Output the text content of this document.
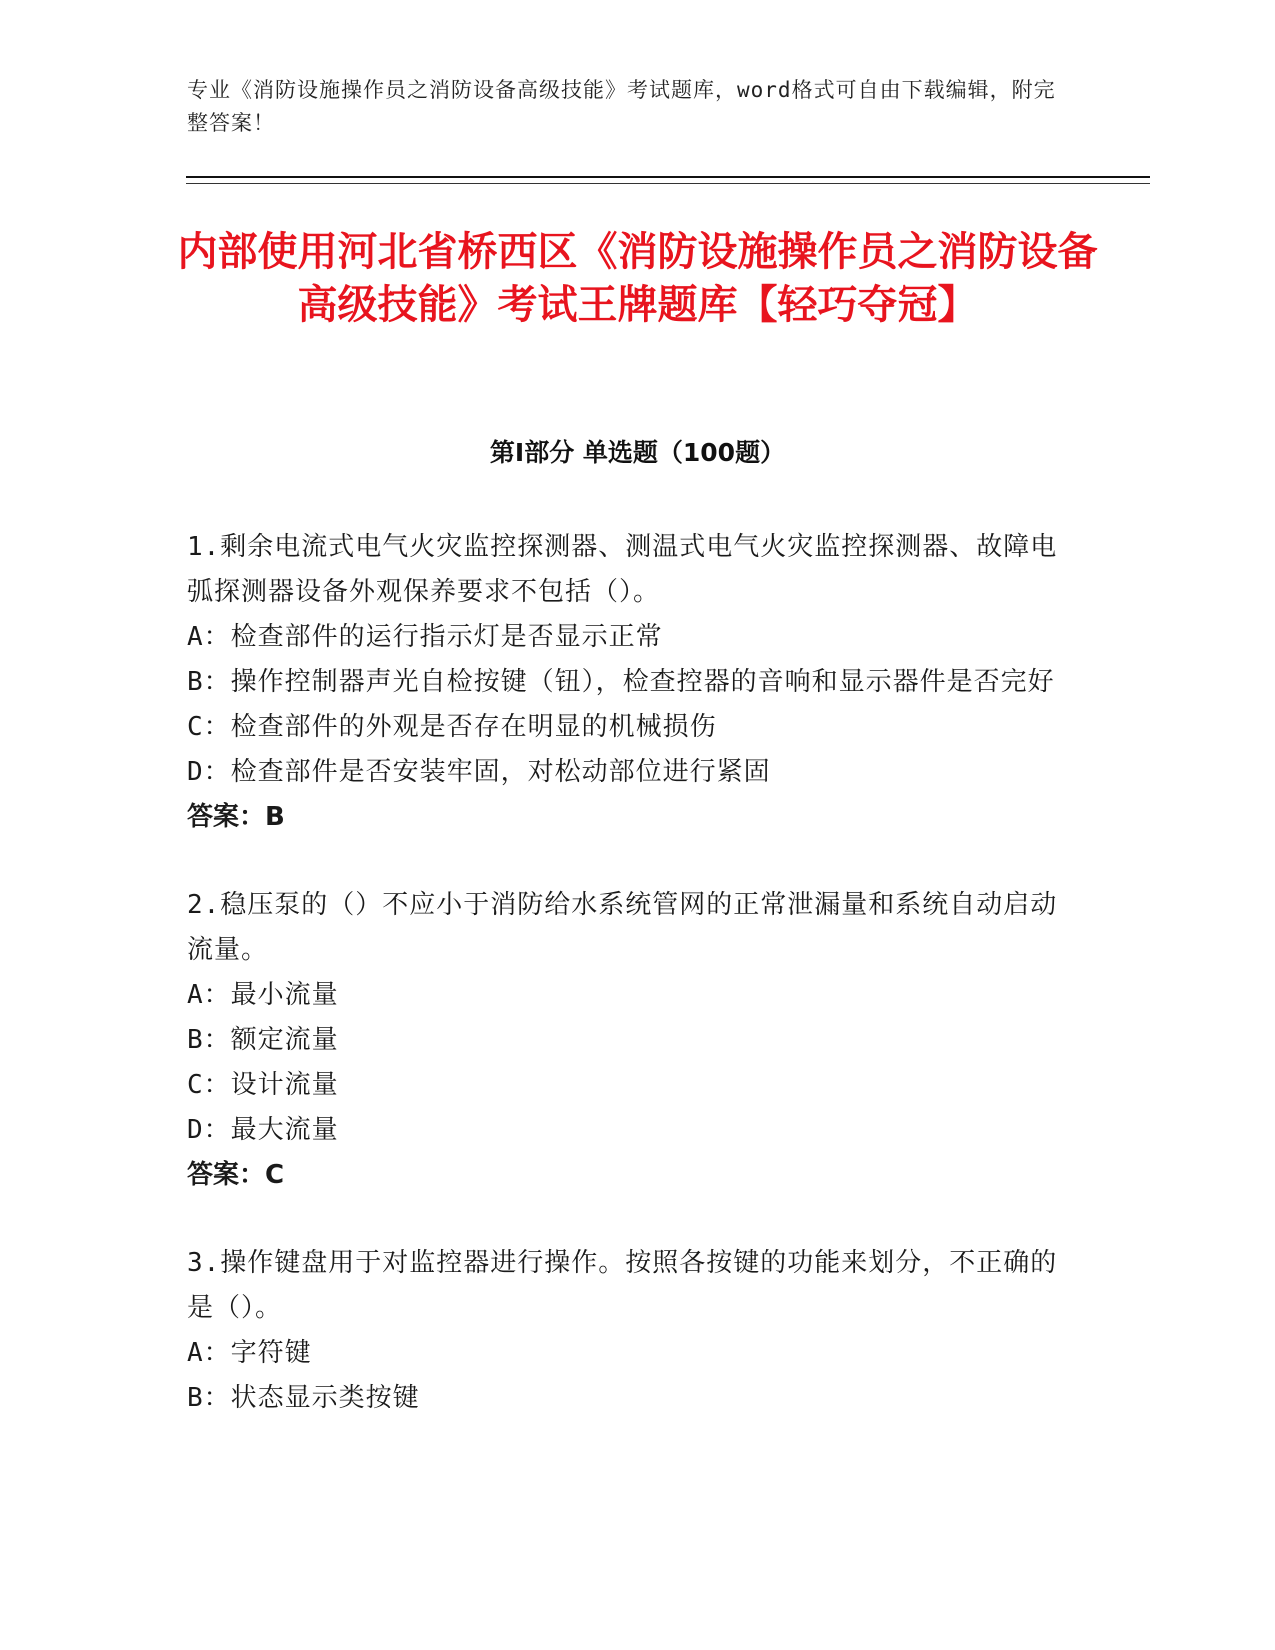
专业《消防设施操作员之消防设备高级技能》考试题库，word格式可自由下载编辑，附完整答案！
内部使用河北省桥西区《消防设施操作员之消防设备高级技能》考试王牌题库【轻巧夺冠】
第I部分 单选题（100题）

1.剩余电流式电气火灾监控探测器、测温式电气火灾监控探测器、故障电弧探测器设备外观保养要求不包括（）。

A：检查部件的运行指示灯是否显示正常

B：操作控制器声光自检按键（钮），检查控器的音响和显示器件是否完好

C：检查部件的外观是否存在明显的机械损伤

D：检查部件是否安装牢固，对松动部位进行紧固

答案：B

2.稳压泵的（）不应小于消防给水系统管网的正常泄漏量和系统自动启动流量。

A：最小流量

B：额定流量

C：设计流量

D：最大流量

答案：C

3.操作键盘用于对监控器进行操作。按照各按键的功能来划分，不正确的是（）。

A：字符键

B：状态显示类按键
